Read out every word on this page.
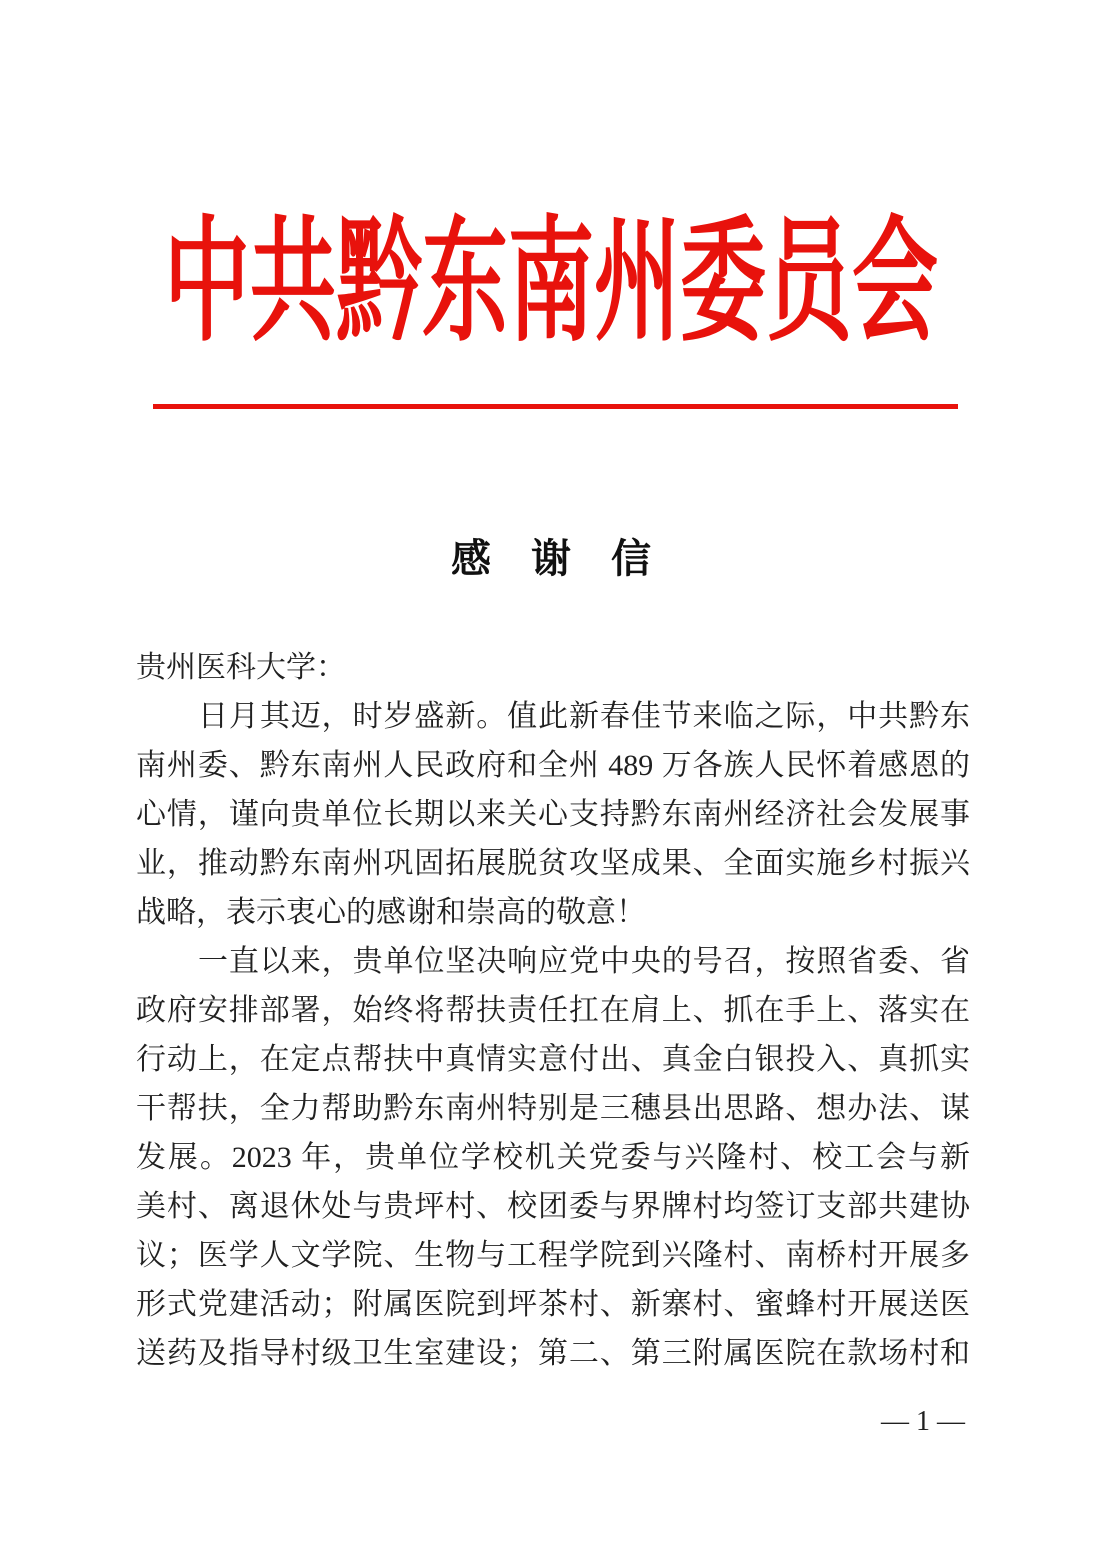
中共黔东南州委员会
感　谢　信
贵州医科大学：
日月其迈，时岁盛新。值此新春佳节来临之际，中共黔东
南州委、黔东南州人民政府和全州 489 万各族人民怀着感恩的
心情，谨向贵单位长期以来关心支持黔东南州经济社会发展事
业，推动黔东南州巩固拓展脱贫攻坚成果、全面实施乡村振兴
战略，表示衷心的感谢和崇高的敬意！
一直以来，贵单位坚决响应党中央的号召，按照省委、省
政府安排部署，始终将帮扶责任扛在肩上、抓在手上、落实在
行动上，在定点帮扶中真情实意付出、真金白银投入、真抓实
干帮扶，全力帮助黔东南州特别是三穗县出思路、想办法、谋
发展。2023 年，贵单位学校机关党委与兴隆村、校工会与新
美村、离退休处与贵坪村、校团委与界牌村均签订支部共建协
议；医学人文学院、生物与工程学院到兴隆村、南桥村开展多
形式党建活动；附属医院到坪茶村、新寨村、蜜蜂村开展送医
送药及指导村级卫生室建设；第二、第三附属医院在款场村和
— 1 —
